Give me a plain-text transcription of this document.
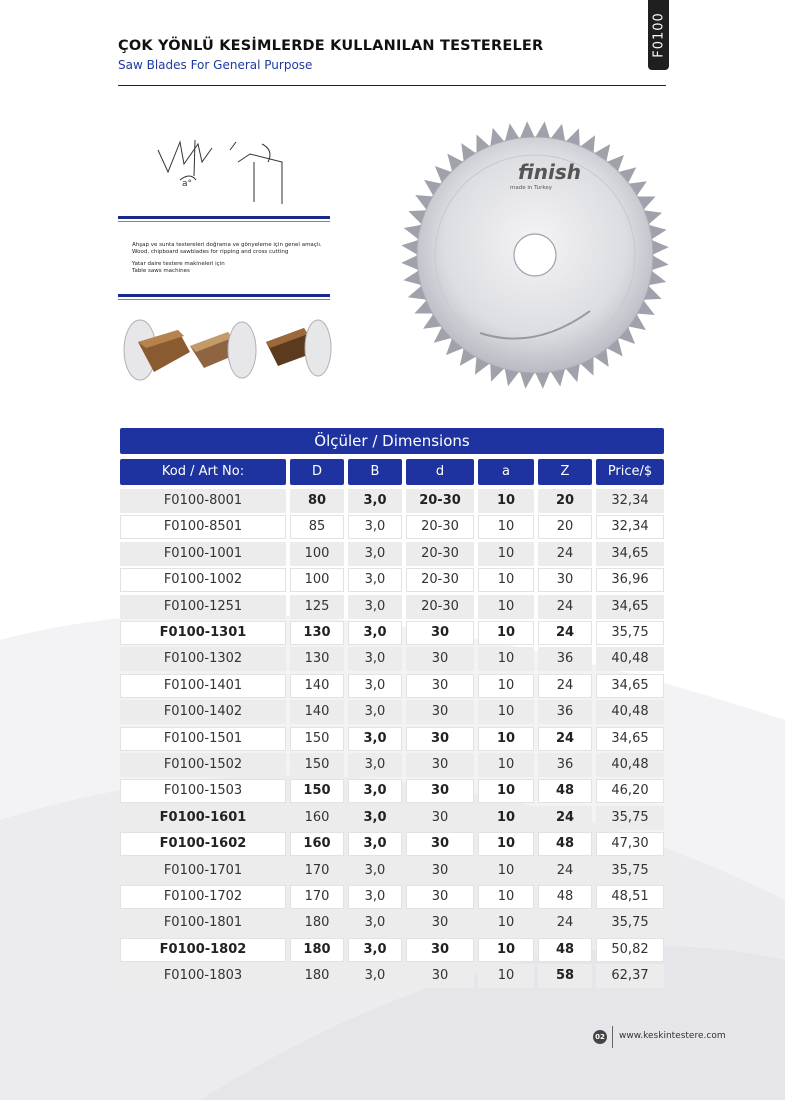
ÇOK YÖNLÜ KESİMLERDE KULLANILAN TESTERELER
Saw Blades For General Purpose
F0100
a°

Ahşap ve sunta testereleri doğrama ve gönyeleme için genel amaçlı.

Wood, chipboard sawblades for ripping and cross cutting

Yatar daire testere makineleri için

Table saws machines

finish
made in Turkey
Ölçüler / Dimensions
Kod / Art No:	D	B	d	a	Z	Price/$
F0100-8001	80	3,0	20-30	10	20	32,34
F0100-8501	85	3,0	20-30	10	20	32,34
F0100-1001	100	3,0	20-30	10	24	34,65
F0100-1002	100	3,0	20-30	10	30	36,96
F0100-1251	125	3,0	20-30	10	24	34,65
F0100-1301	130	3,0	30	10	24	35,75
F0100-1302	130	3,0	30	10	36	40,48
F0100-1401	140	3,0	30	10	24	34,65
F0100-1402	140	3,0	30	10	36	40,48
F0100-1501	150	3,0	30	10	24	34,65
F0100-1502	150	3,0	30	10	36	40,48
F0100-1503	150	3,0	30	10	48	46,20
F0100-1601	160	3,0	30	10	24	35,75
F0100-1602	160	3,0	30	10	48	47,30
F0100-1701	170	3,0	30	10	24	35,75
F0100-1702	170	3,0	30	10	48	48,51
F0100-1801	180	3,0	30	10	24	35,75
F0100-1802	180	3,0	30	10	48	50,82
F0100-1803	180	3,0	30	10	58	62,37
02 www.keskintestere.com
